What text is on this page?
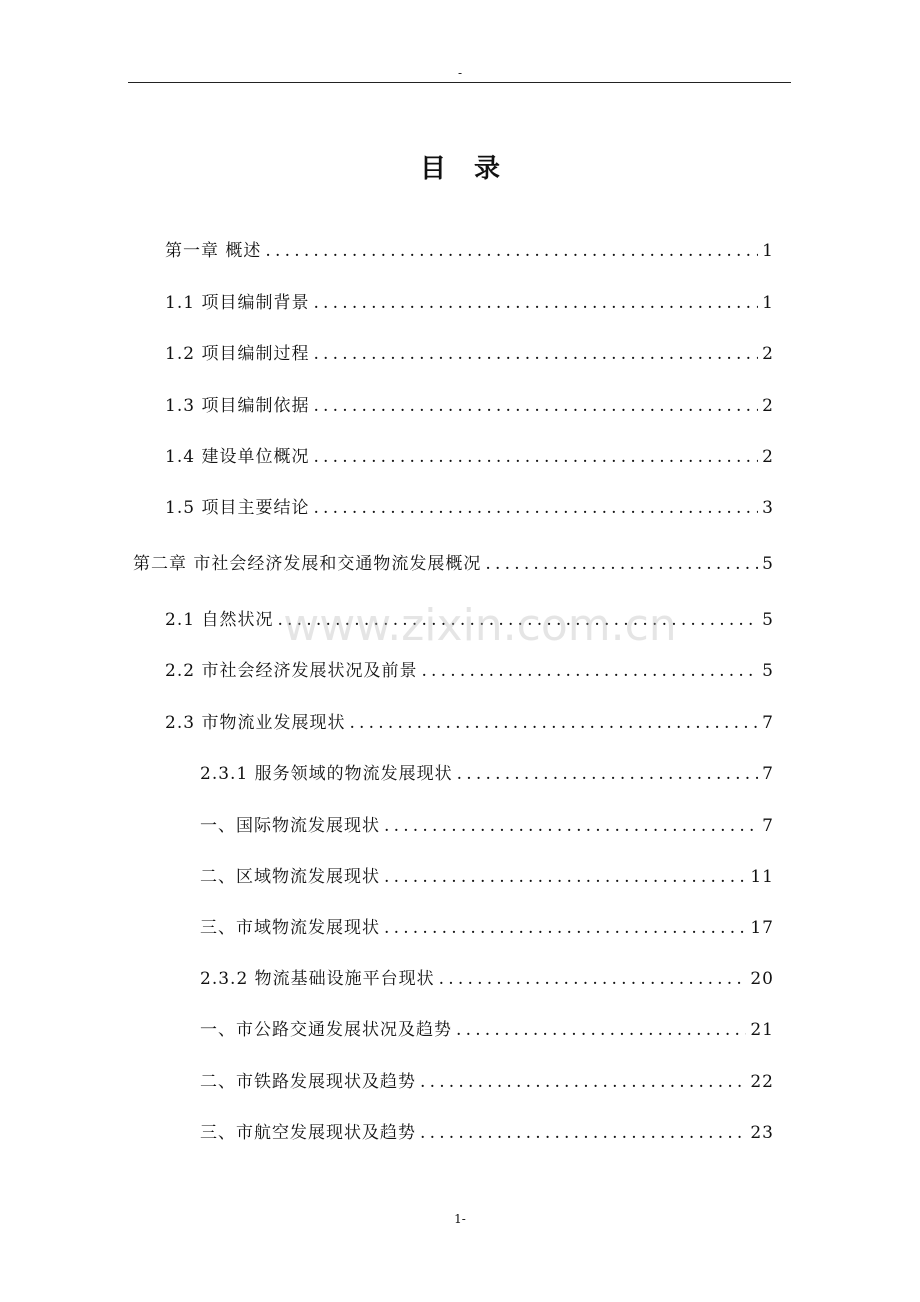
-
目录
第一章 概述 .....	1
1.1 项目编制背景 .....	1
1.2 项目编制过程 .....	2
1.3 项目编制依据 .....	2
1.4 建设单位概况 .....	2
1.5 项目主要结论 .....	3
第二章 市社会经济发展和交通物流发展概况 .....	5
2.1 自然状况 .....	5
2.2 市社会经济发展状况及前景 .....	5
2.3 市物流业发展现状 .....	7
2.3.1 服务领域的物流发展现状 .....	7
一、国际物流发展现状 .....	7
二、区域物流发展现状 .....	11
三、市域物流发展现状 .....	17
2.3.2 物流基础设施平台现状 .....	20
一、市公路交通发展状况及趋势 .....	21
二、市铁路发展现状及趋势 .....	22
三、市航空发展现状及趋势 .....	23
www.zixin.com.cn
1-
